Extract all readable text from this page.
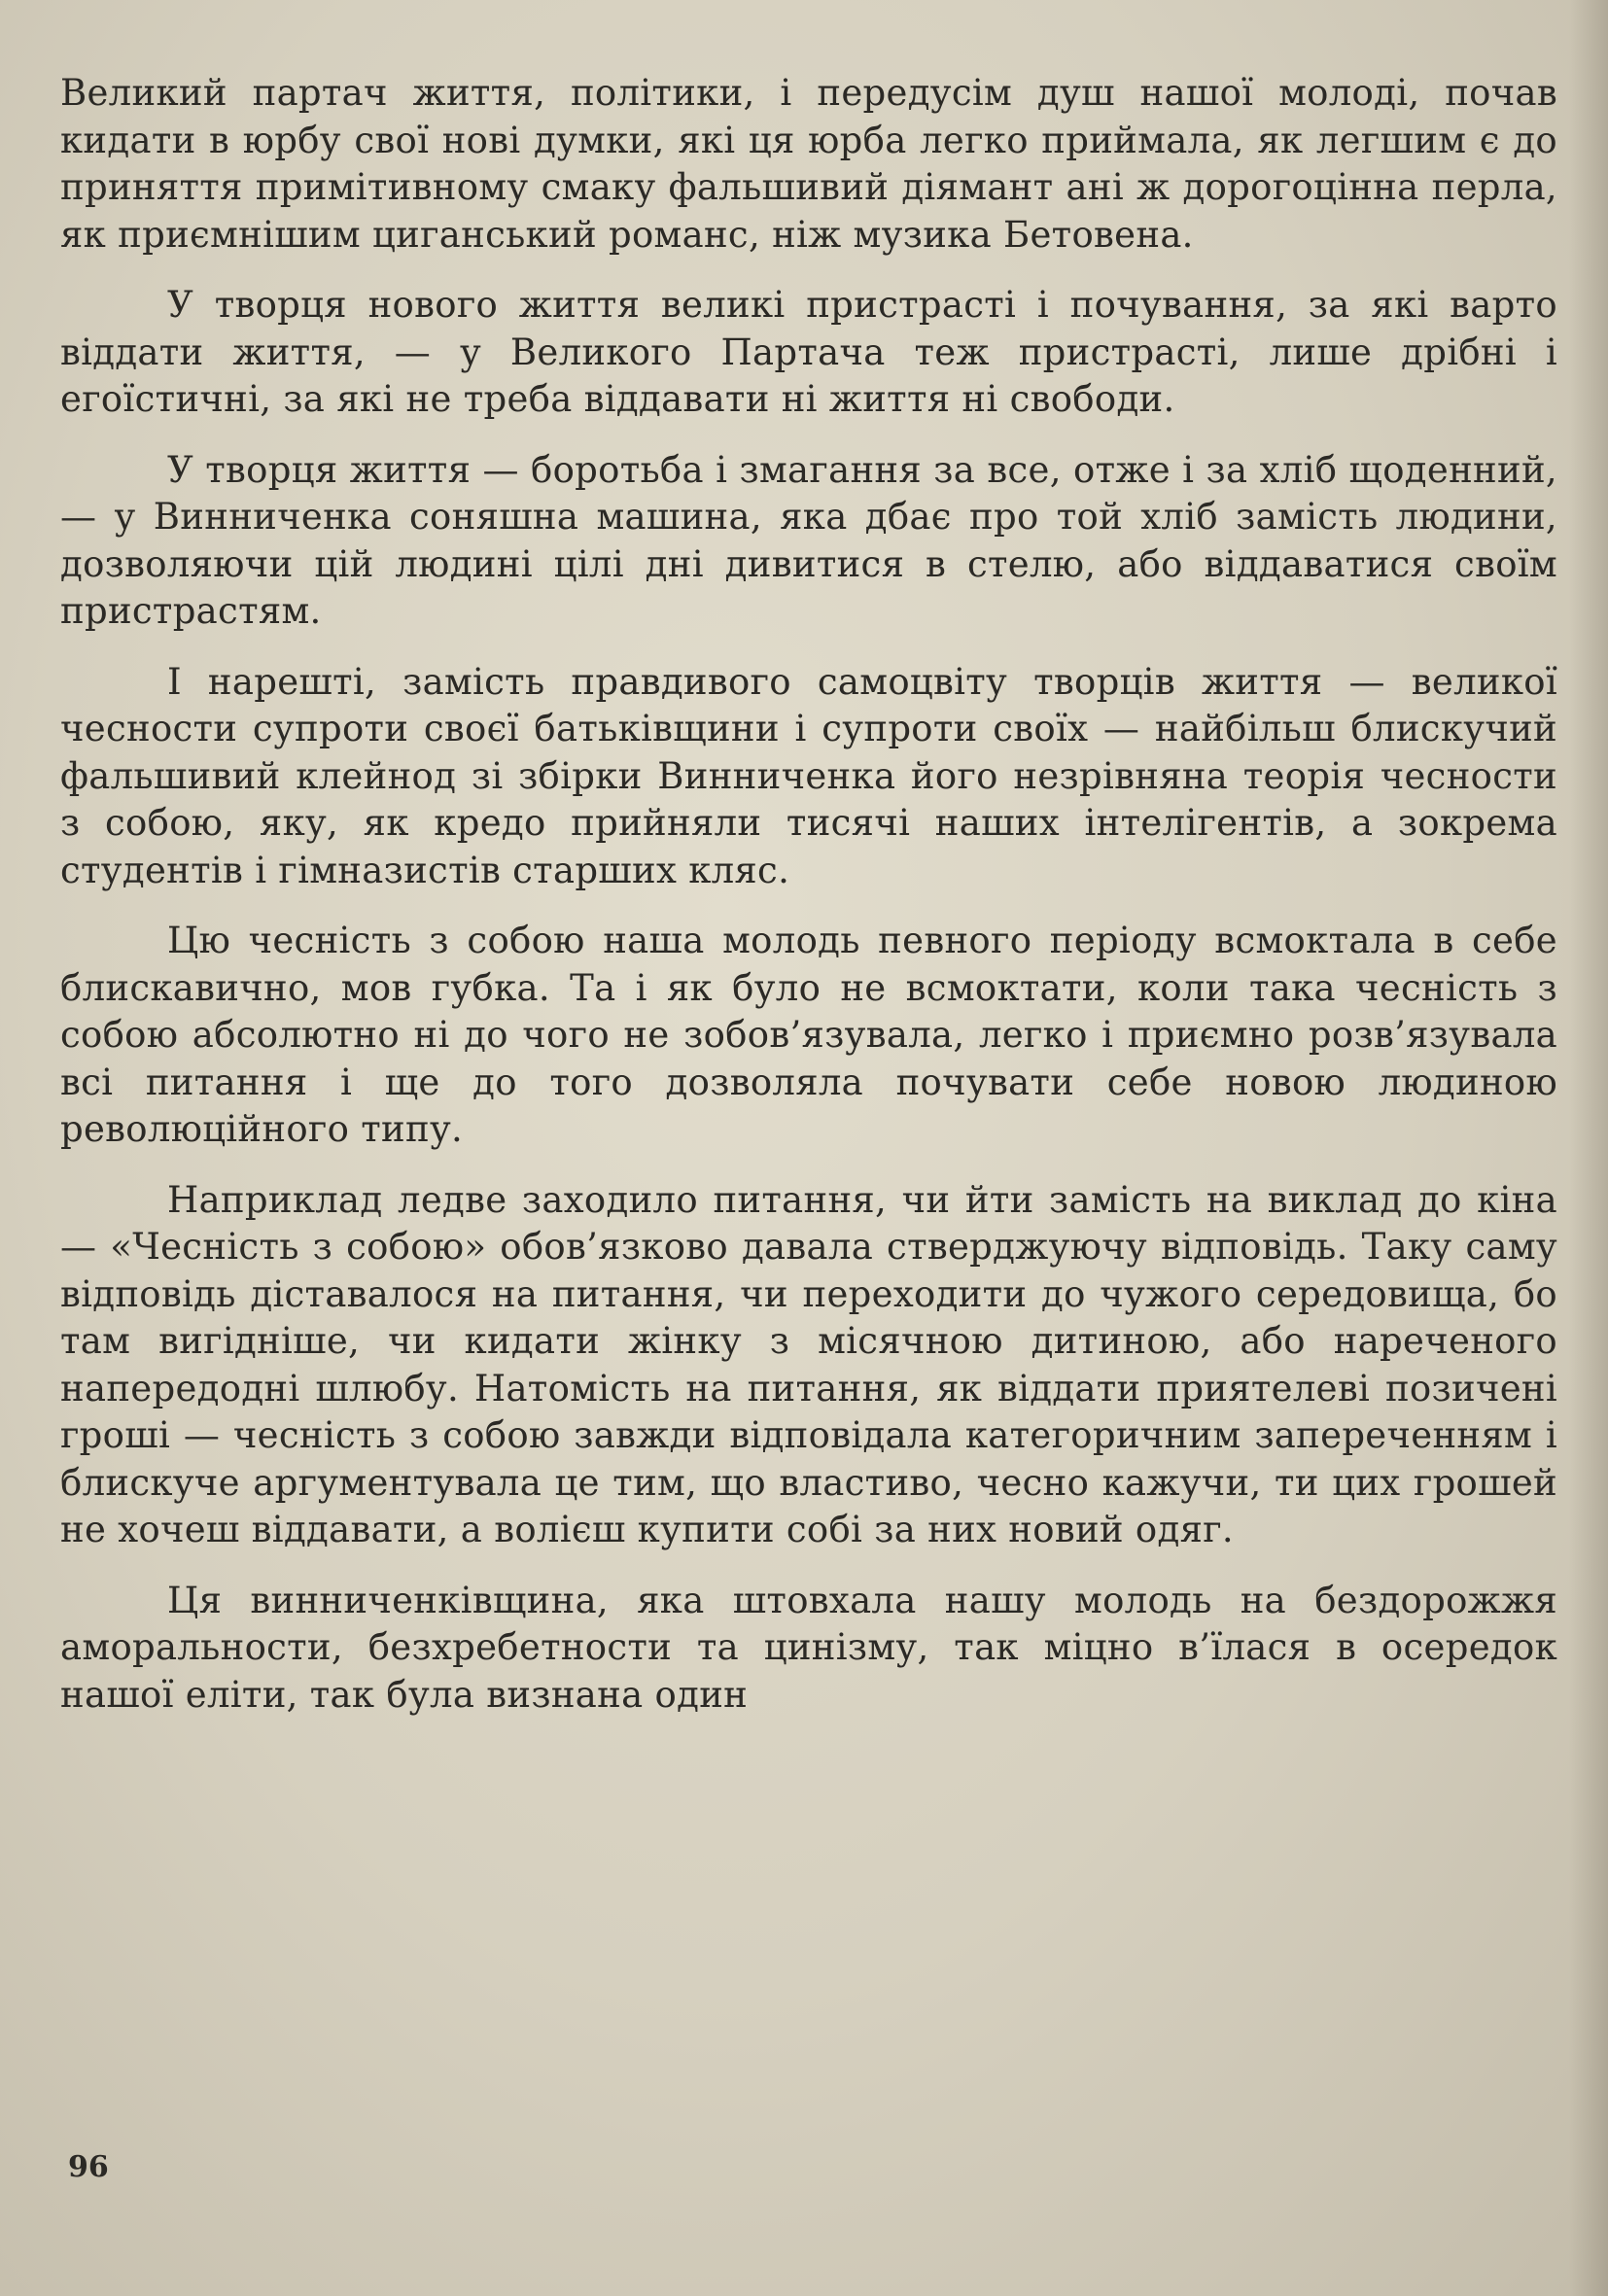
Великий партач життя, політики, і передусім душ нашої молоді, почав кидати в юрбу свої нові думки, які ця юрба легко приймала, як легшим є до приняття примітивному смаку фальшивий діямант ані ж дорогоцінна перла, як приємнішим циганський романс, ніж музика Бетовена.

У творця нового життя великі пристрасті і почування, за які варто віддати життя, — у Великого Партача теж пристрасті, лише дрібні і егоїстичні, за які не треба віддавати ні життя ні свободи.

У творця життя — боротьба і змагання за все, отже і за хліб щоденний, — у Винниченка соняшна машина, яка дбає про той хліб замість людини, дозволяючи цій людині цілі дні дивитися в стелю, або віддаватися своїм пристрастям.

І нарешті, замість правдивого самоцвіту творців життя — великої чесности супроти своєї батьківщини і супроти своїх — найбільш блискучий фальшивий клейнод зі збірки Винниченка його незрівняна теорія чесности з собою, яку, як кредо прийняли тисячі наших інтелігентів, а зокрема студентів і гімназистів старших кляс.

Цю чесність з собою наша молодь певного періоду всмоктала в себе блискавично, мов губка. Та і як було не всмоктати, коли така чесність з собою абсолютно ні до чого не зобов’язувала, легко і приємно розв’язувала всі питання і ще до того дозволяла почувати себе новою людиною революційного типу.

Наприклад ледве заходило питання, чи йти замість на виклад до кіна — «Чесність з собою» обов’язково давала стверджуючу відповідь. Таку саму відповідь діставалося на питання, чи переходити до чужого середовища, бо там вигідніше, чи кидати жінку з місячною дитиною, або нареченого напередодні шлюбу. Натомість на питання, як віддати приятелеві позичені гроші — чесність з собою завжди відповідала категоричним запереченням і блискуче аргументувала це тим, що властиво, чесно кажучи, ти цих грошей не хочеш віддавати, а волієш купити собі за них новий одяг.

Ця винниченківщина, яка штовхала нашу молодь на бездорожжя аморальности, безхребетности та цинізму, так міцно в’їлася в осередок нашої еліти, так була визнана один

96
